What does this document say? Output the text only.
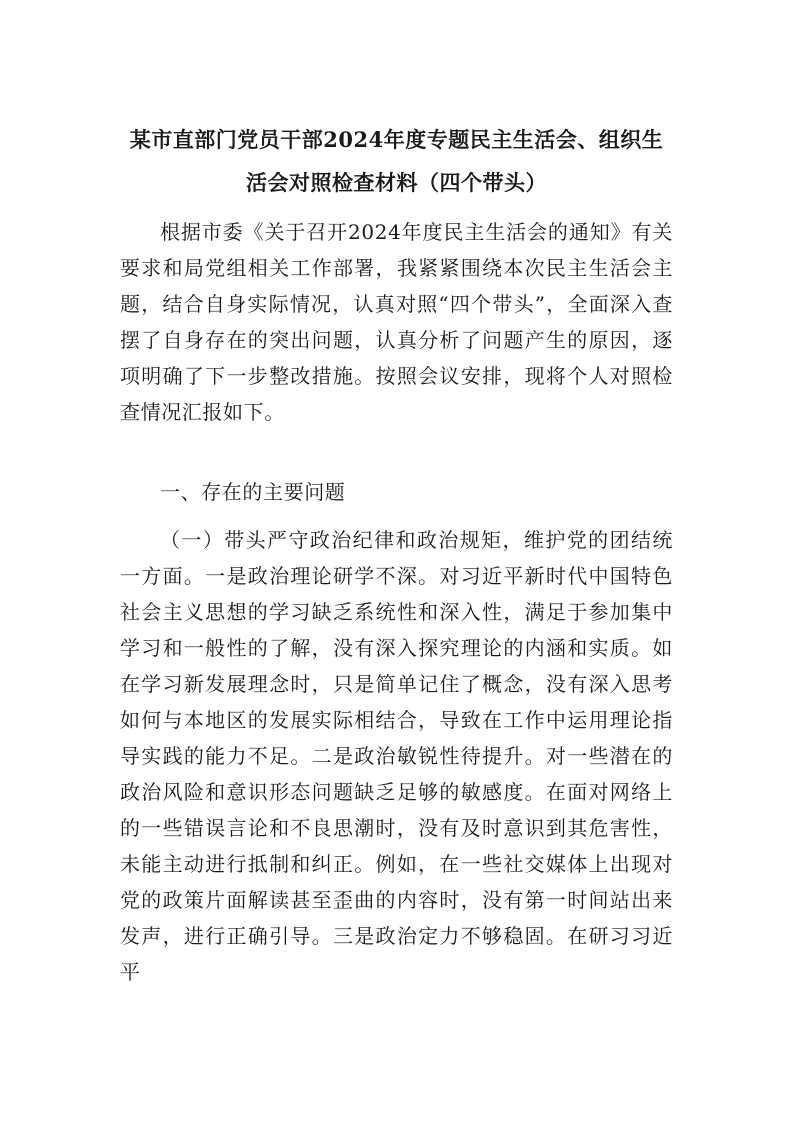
某市直部门党员干部2024年度专题民主生活会、组织生活会对照检查材料（四个带头）

根据市委《关于召开2024年度民主生活会的通知》有关要求和局党组相关工作部署，我紧紧围绕本次民主生活会主题，结合自身实际情况，认真对照“四个带头”，全面深入查摆了自身存在的突出问题，认真分析了问题产生的原因，逐项明确了下一步整改措施。按照会议安排，现将个人对照检查情况汇报如下。

一、存在的主要问题

（一）带头严守政治纪律和政治规矩，维护党的团结统一方面。一是政治理论研学不深。对习近平新时代中国特色社会主义思想的学习缺乏系统性和深入性，满足于参加集中学习和一般性的了解，没有深入探究理论的内涵和实质。如在学习新发展理念时，只是简单记住了概念，没有深入思考如何与本地区的发展实际相结合，导致在工作中运用理论指导实践的能力不足。二是政治敏锐性待提升。对一些潜在的政治风险和意识形态问题缺乏足够的敏感度。在面对网络上的一些错误言论和不良思潮时，没有及时意识到其危害性，未能主动进行抵制和纠正。例如，在一些社交媒体上出现对党的政策片面解读甚至歪曲的内容时，没有第一时间站出来发声，进行正确引导。三是政治定力不够稳固。在研习习近平
